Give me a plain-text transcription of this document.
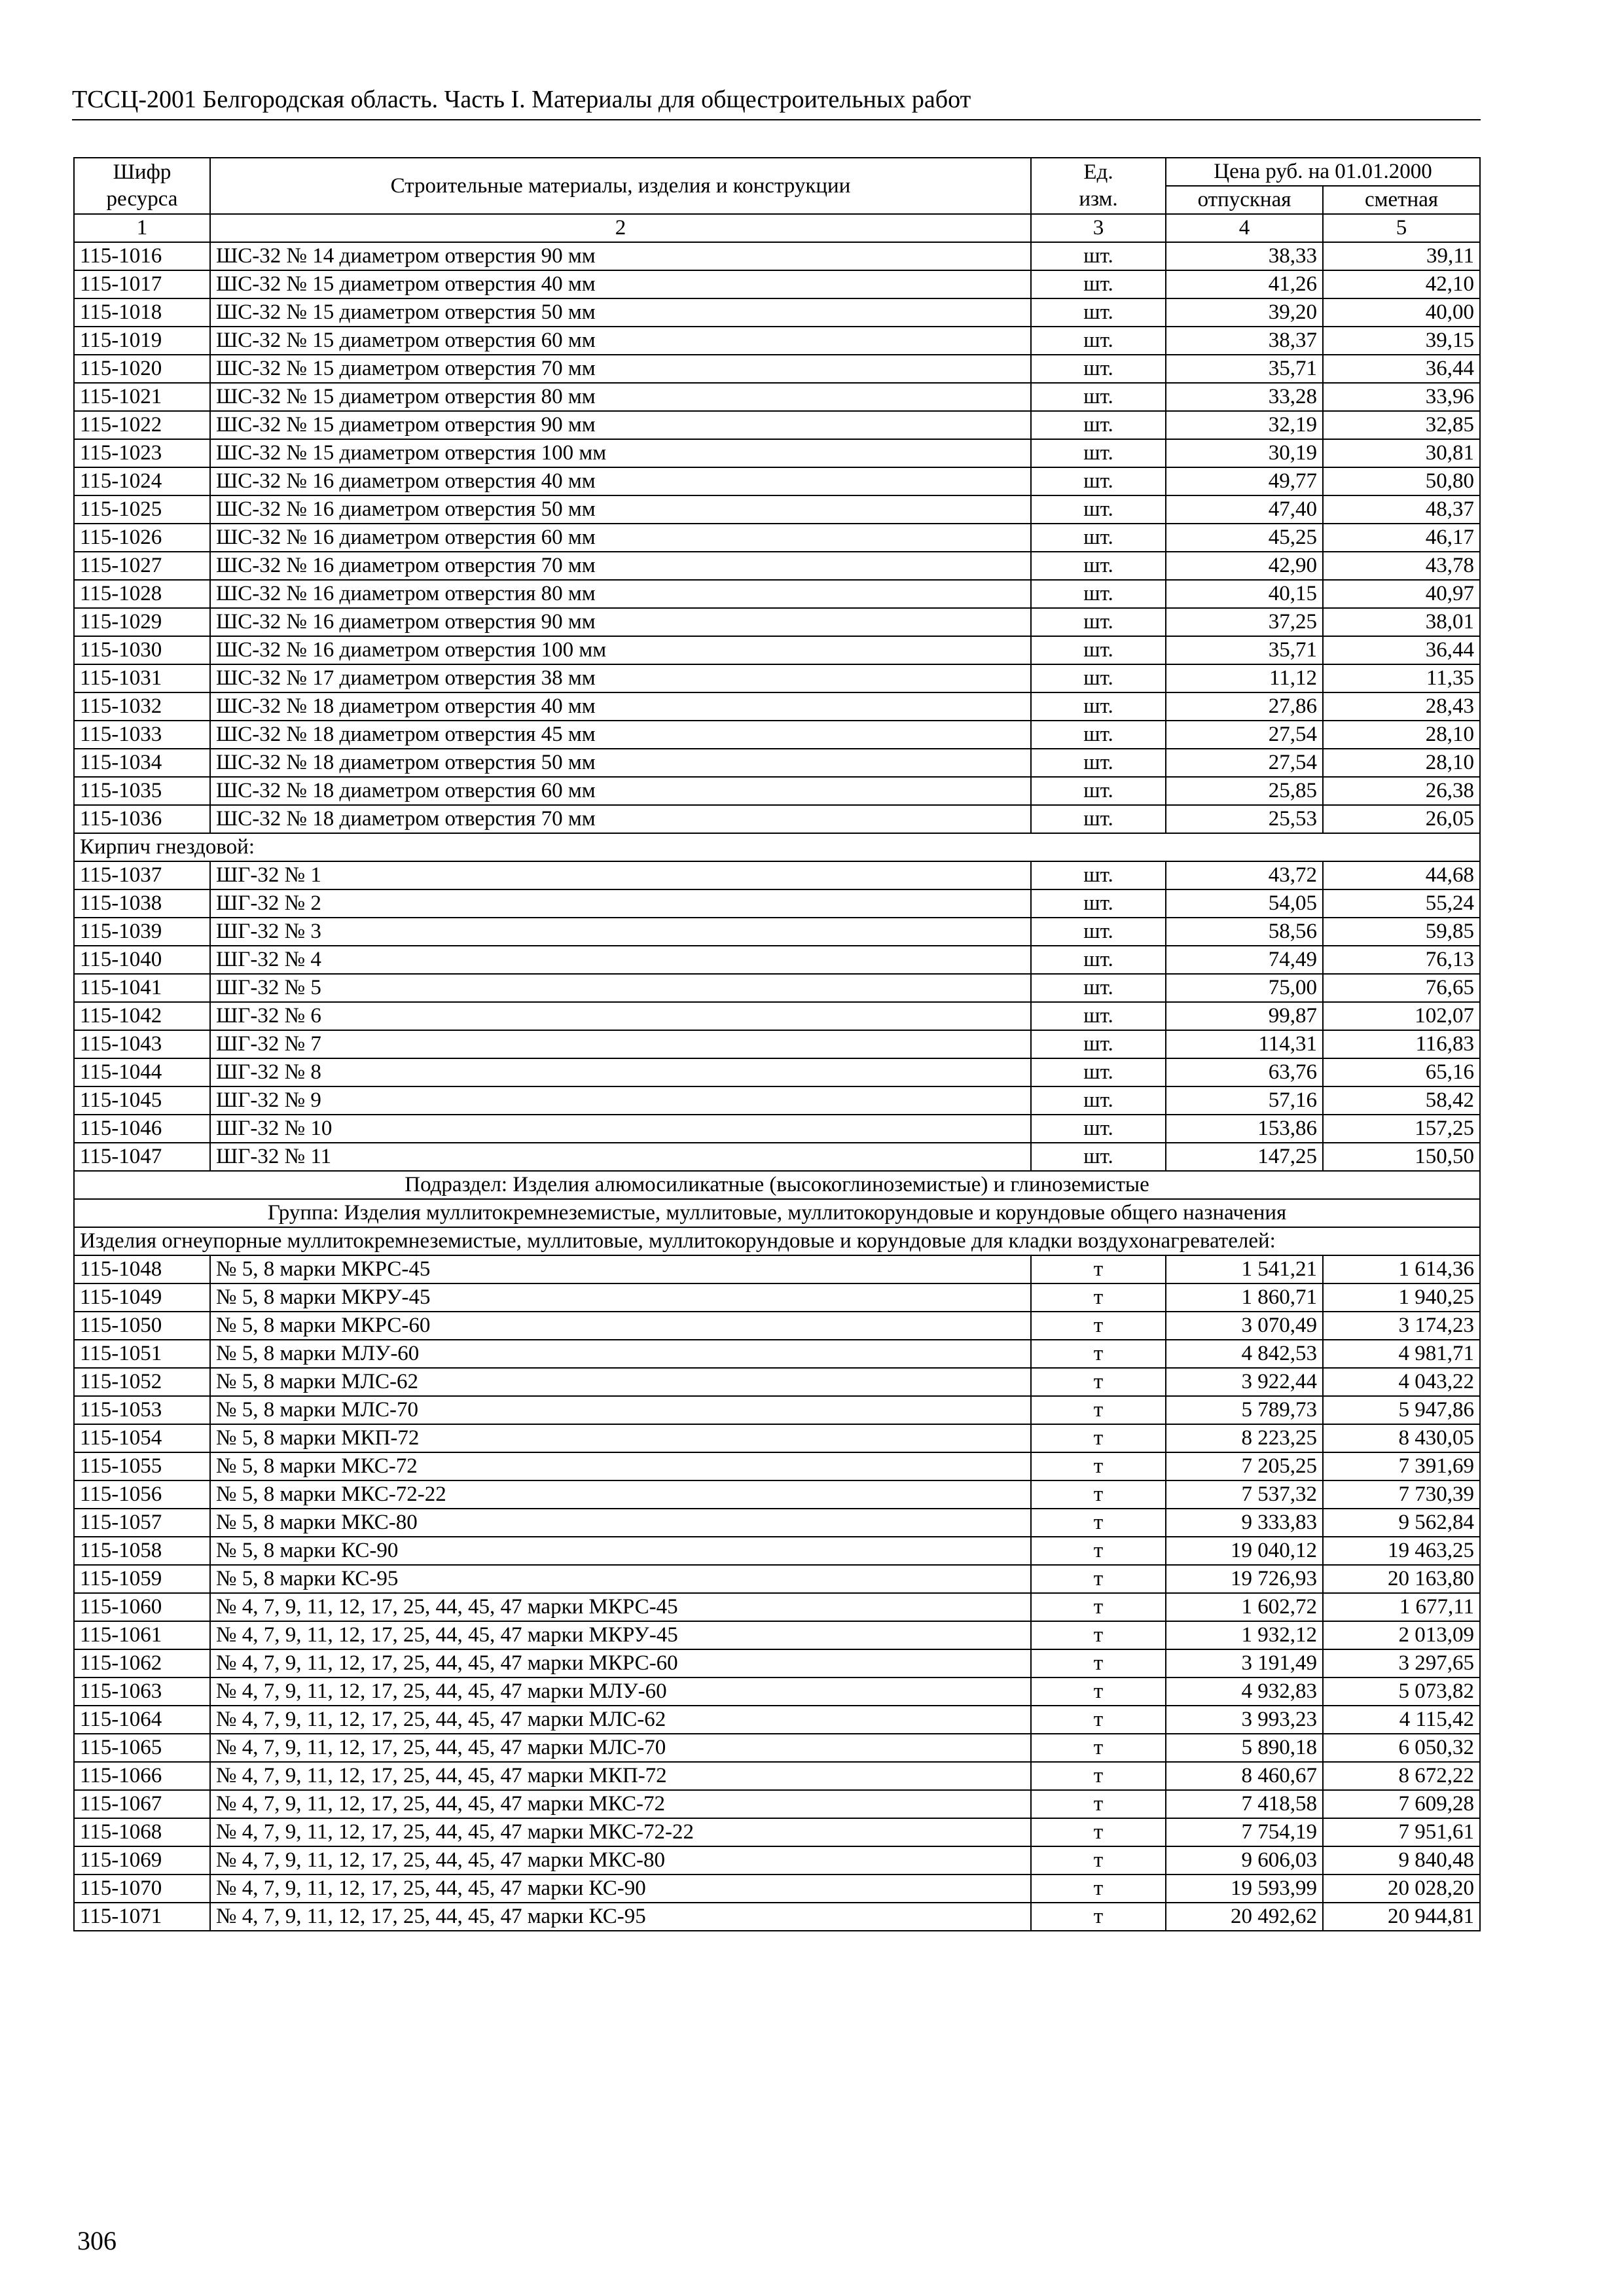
ТССЦ-2001 Белгородская область. Часть I. Материалы для общестроительных работ
Шифр ресурса	Строительные материалы, изделия и конструкции	Ед. изм.	Цена руб. на 01.01.2000	
			отпускная	сметная
1	2	3	4	5
115-1016	ШС-32 № 14 диаметром отверстия 90 мм	шт.	38,33	39,11
115-1017	ШС-32 № 15 диаметром отверстия 40 мм	шт.	41,26	42,10
115-1018	ШС-32 № 15 диаметром отверстия 50 мм	шт.	39,20	40,00
115-1019	ШС-32 № 15 диаметром отверстия 60 мм	шт.	38,37	39,15
115-1020	ШС-32 № 15 диаметром отверстия 70 мм	шт.	35,71	36,44
115-1021	ШС-32 № 15 диаметром отверстия 80 мм	шт.	33,28	33,96
115-1022	ШС-32 № 15 диаметром отверстия 90 мм	шт.	32,19	32,85
115-1023	ШС-32 № 15 диаметром отверстия 100 мм	шт.	30,19	30,81
115-1024	ШС-32 № 16 диаметром отверстия 40 мм	шт.	49,77	50,80
115-1025	ШС-32 № 16 диаметром отверстия 50 мм	шт.	47,40	48,37
115-1026	ШС-32 № 16 диаметром отверстия 60 мм	шт.	45,25	46,17
115-1027	ШС-32 № 16 диаметром отверстия 70 мм	шт.	42,90	43,78
115-1028	ШС-32 № 16 диаметром отверстия 80 мм	шт.	40,15	40,97
115-1029	ШС-32 № 16 диаметром отверстия 90 мм	шт.	37,25	38,01
115-1030	ШС-32 № 16 диаметром отверстия 100 мм	шт.	35,71	36,44
115-1031	ШС-32 № 17 диаметром отверстия 38 мм	шт.	11,12	11,35
115-1032	ШС-32 № 18 диаметром отверстия 40 мм	шт.	27,86	28,43
115-1033	ШС-32 № 18 диаметром отверстия 45 мм	шт.	27,54	28,10
115-1034	ШС-32 № 18 диаметром отверстия 50 мм	шт.	27,54	28,10
115-1035	ШС-32 № 18 диаметром отверстия 60 мм	шт.	25,85	26,38
115-1036	ШС-32 № 18 диаметром отверстия 70 мм	шт.	25,53	26,05
Кирпич гнездовой:				
115-1037	ШГ-32 № 1	шт.	43,72	44,68
115-1038	ШГ-32 № 2	шт.	54,05	55,24
115-1039	ШГ-32 № 3	шт.	58,56	59,85
115-1040	ШГ-32 № 4	шт.	74,49	76,13
115-1041	ШГ-32 № 5	шт.	75,00	76,65
115-1042	ШГ-32 № 6	шт.	99,87	102,07
115-1043	ШГ-32 № 7	шт.	114,31	116,83
115-1044	ШГ-32 № 8	шт.	63,76	65,16
115-1045	ШГ-32 № 9	шт.	57,16	58,42
115-1046	ШГ-32 № 10	шт.	153,86	157,25
115-1047	ШГ-32 № 11	шт.	147,25	150,50
Подраздел: Изделия алюмосиликатные (высокоглиноземистые) и глиноземистые				
Группа: Изделия муллитокремнеземистые, муллитовые, муллитокорундовые и корундовые общего назначения				
Изделия огнеупорные муллитокремнеземистые, муллитовые, муллитокорундовые и корундовые для кладки воздухонагревателей:				
115-1048	№ 5, 8 марки МКРС-45	т	1 541,21	1 614,36
115-1049	№ 5, 8 марки МКРУ-45	т	1 860,71	1 940,25
115-1050	№ 5, 8 марки МКРС-60	т	3 070,49	3 174,23
115-1051	№ 5, 8 марки МЛУ-60	т	4 842,53	4 981,71
115-1052	№ 5, 8 марки МЛС-62	т	3 922,44	4 043,22
115-1053	№ 5, 8 марки МЛС-70	т	5 789,73	5 947,86
115-1054	№ 5, 8 марки МКП-72	т	8 223,25	8 430,05
115-1055	№ 5, 8 марки МКС-72	т	7 205,25	7 391,69
115-1056	№ 5, 8 марки МКС-72-22	т	7 537,32	7 730,39
115-1057	№ 5, 8 марки МКС-80	т	9 333,83	9 562,84
115-1058	№ 5, 8 марки КС-90	т	19 040,12	19 463,25
115-1059	№ 5, 8 марки КС-95	т	19 726,93	20 163,80
115-1060	№ 4, 7, 9, 11, 12, 17, 25, 44, 45, 47 марки МКРС-45	т	1 602,72	1 677,11
115-1061	№ 4, 7, 9, 11, 12, 17, 25, 44, 45, 47 марки МКРУ-45	т	1 932,12	2 013,09
115-1062	№ 4, 7, 9, 11, 12, 17, 25, 44, 45, 47 марки МКРС-60	т	3 191,49	3 297,65
115-1063	№ 4, 7, 9, 11, 12, 17, 25, 44, 45, 47 марки МЛУ-60	т	4 932,83	5 073,82
115-1064	№ 4, 7, 9, 11, 12, 17, 25, 44, 45, 47 марки МЛС-62	т	3 993,23	4 115,42
115-1065	№ 4, 7, 9, 11, 12, 17, 25, 44, 45, 47 марки МЛС-70	т	5 890,18	6 050,32
115-1066	№ 4, 7, 9, 11, 12, 17, 25, 44, 45, 47 марки МКП-72	т	8 460,67	8 672,22
115-1067	№ 4, 7, 9, 11, 12, 17, 25, 44, 45, 47 марки МКС-72	т	7 418,58	7 609,28
115-1068	№ 4, 7, 9, 11, 12, 17, 25, 44, 45, 47 марки МКС-72-22	т	7 754,19	7 951,61
115-1069	№ 4, 7, 9, 11, 12, 17, 25, 44, 45, 47 марки МКС-80	т	9 606,03	9 840,48
115-1070	№ 4, 7, 9, 11, 12, 17, 25, 44, 45, 47 марки КС-90	т	19 593,99	20 028,20
115-1071	№ 4, 7, 9, 11, 12, 17, 25, 44, 45, 47 марки КС-95	т	20 492,62	20 944,81
306
